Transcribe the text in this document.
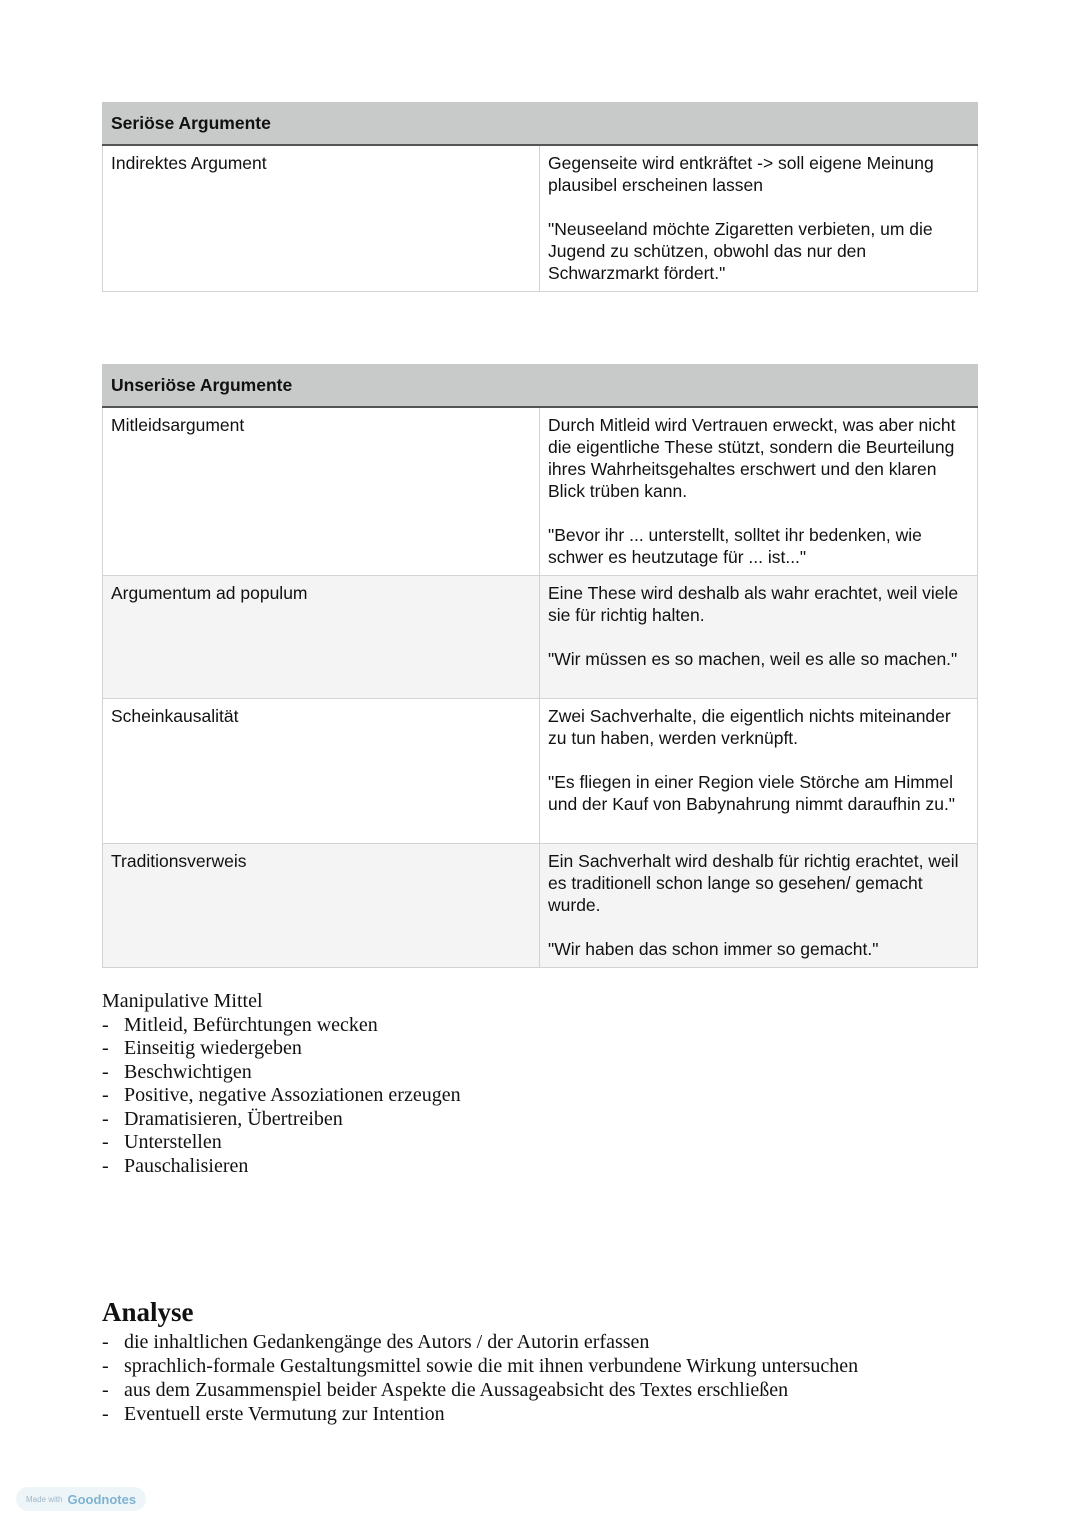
Seriöse Argumente	
Indirektes Argument	Gegenseite wird entkräftet -> soll eigene Meinung plausibel erscheinen lassen

"Neuseeland möchte Zigaretten verbieten, um die Jugend zu schützen, obwohl das nur den Schwarzmarkt fördert."

Unseriöse Argumente	
Mitleidsargument	Durch Mitleid wird Vertrauen erweckt, was aber nicht die eigentliche These stützt, sondern die Beurteilung ihres Wahrheitsgehaltes erschwert und den klaren Blick trüben kann.

"Bevor ihr ... unterstellt, solltet ihr bedenken, wie schwer es heutzutage für ... ist..."

Argumentum ad populum	Eine These wird deshalb als wahr erachtet, weil viele sie für richtig halten.

"Wir müssen es so machen, weil es alle so machen."

Scheinkausalität	Zwei Sachverhalte, die eigentlich nichts miteinander zu tun haben, werden verknüpft.

"Es fliegen in einer Region viele Störche am Himmel und der Kauf von Babynahrung nimmt daraufhin zu."

Traditionsverweis	Ein Sachverhalt wird deshalb für richtig erachtet, weil es traditionell schon lange so gesehen/ gemacht wurde.

"Wir haben das schon immer so gemacht."

Manipulative Mittel
- Mitleid, Befürchtungen wecken
- Einseitig wiedergeben
- Beschwichtigen
- Positive, negative Assoziationen erzeugen
- Dramatisieren, Übertreiben
- Unterstellen
- Pauschalisieren
Analyse
- die inhaltlichen Gedankengänge des Autors / der Autorin erfassen
- sprachlich-formale Gestaltungsmittel sowie die mit ihnen verbundene Wirkung untersuchen
- aus dem Zusammenspiel beider Aspekte die Aussageabsicht des Textes erschließen
- Eventuell erste Vermutung zur Intention
Made with Goodnotes
